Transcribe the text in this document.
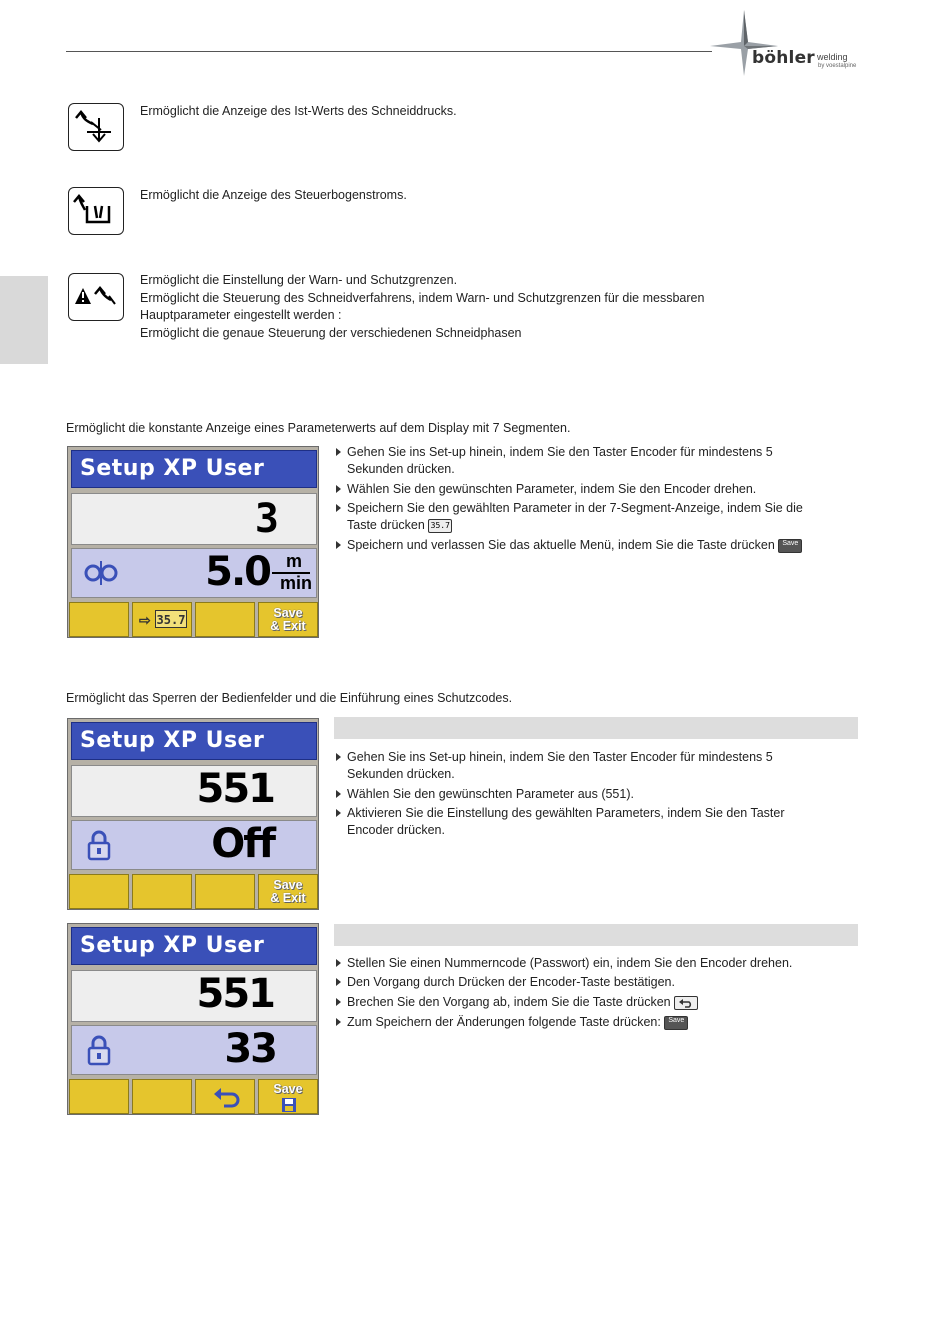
böhler welding
by voestalpine
Ermöglicht die Anzeige des Ist-Werts des Schneiddrucks.
Ermöglicht die Anzeige des Steuerbogenstroms.
Ermöglicht die Einstellung der Warn- und Schutzgrenzen.
Ermöglicht die Steuerung des Schneidverfahrens, indem Warn- und Schutzgrenzen für die messbaren
Hauptparameter eingestellt werden :
Ermöglicht die genaue Steuerung der verschiedenen Schneidphasen
Ermöglicht die konstante Anzeige eines Parameterwerts auf dem Display mit 7 Segmenten.
Setup XP User
3
5.0 m
min
⇨ 35.7	Save
& Exit
Gehen Sie ins Set-up hinein, indem Sie den Taster Encoder für mindestens 5
Sekunden drücken.
Wählen Sie den gewünschten Parameter, indem Sie den Encoder drehen.
Speichern Sie den gewählten Parameter in der 7-Segment-Anzeige, indem Sie die
Taste drücken 35.7
Speichern und verlassen Sie das aktuelle Menü, indem Sie die Taste drücken Save
Ermöglicht das Sperren der Bedienfelder und die Einführung eines Schutzcodes.
Setup XP User
551
Off
Save
& Exit
Gehen Sie ins Set-up hinein, indem Sie den Taster Encoder für mindestens 5
Sekunden drücken.
Wählen Sie den gewünschten Parameter aus (551).
Aktivieren Sie die Einstellung des gewählten Parameters, indem Sie den Taster
Encoder drücken.
Setup XP User
551
33
Save
Stellen Sie einen Nummerncode (Passwort) ein, indem Sie den Encoder drehen.
Den Vorgang durch Drücken der Encoder-Taste bestätigen.
Brechen Sie den Vorgang ab, indem Sie die Taste drücken
Zum Speichern der Änderungen folgende Taste drücken: Save
